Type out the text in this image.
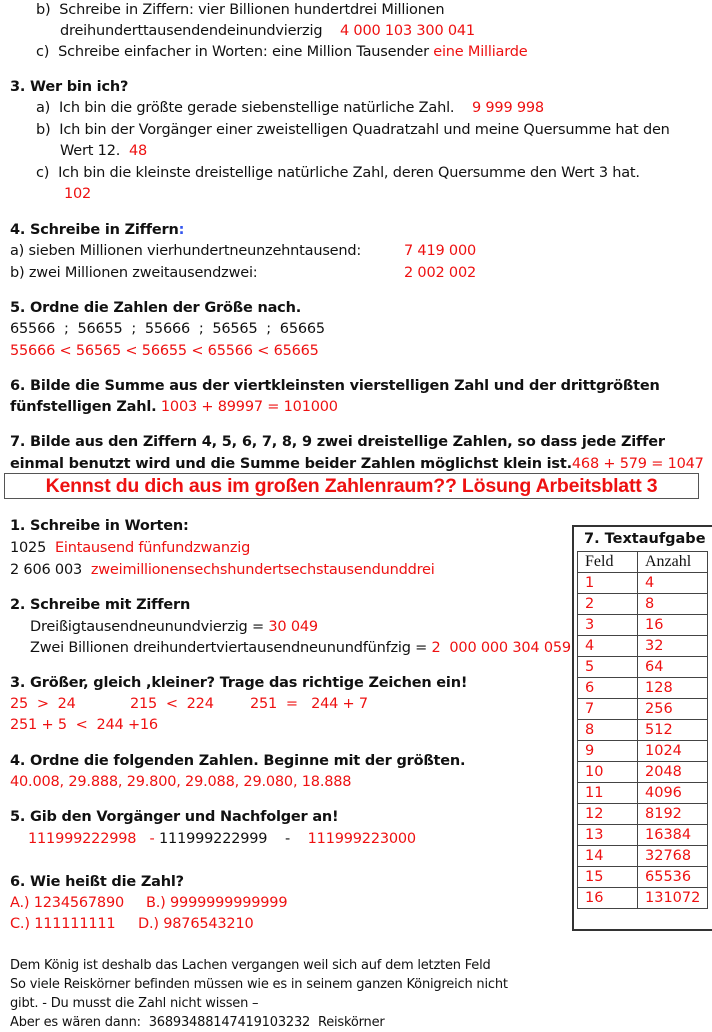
b) Schreibe in Ziffern: vier Billionen hundertdrei Millionen
dreihunderttausendendeinundvierzig 4 000 103 300 041
c) Schreibe einfacher in Worten: eine Million Tausender eine Milliarde
3. Wer bin ich?
a) Ich bin die größte gerade siebenstellige natürliche Zahl. 9 999 998
b) Ich bin der Vorgänger einer zweistelligen Quadratzahl und meine Quersumme hat den
Wert 12. 48
c) Ich bin die kleinste dreistellige natürliche Zahl, deren Quersumme den Wert 3 hat.
102
4. Schreibe in Ziffern:
a) sieben Millionen vierhundertneunzehntausend:	7 419 000
b) zwei Millionen zweitausendzwei:	2 002 002
5. Ordne die Zahlen der Größe nach.
65566  ;  56655  ;  55666  ;  56565  ;  65665
55666 < 56565 < 56655 < 65566 < 65665
6. Bilde die Summe aus der viertkleinsten vierstelligen Zahl und der drittgrößten
fünfstelligen Zahl. 1003 + 89997 = 101000
7. Bilde aus den Ziffern 4, 5, 6, 7, 8, 9 zwei dreistellige Zahlen, so dass jede Ziffer
einmal benutzt wird und die Summe beider Zahlen möglichst klein ist.468 + 579 = 1047
Kennst du dich aus im großen Zahlenraum?? Lösung Arbeitsblatt 3
1. Schreibe in Worten:
1025 Eintausend fünfundzwanzig
2 606 003 zweimillionensechshundertsechstausendunddrei
2. Schreibe mit Ziffern
Dreißigtausendneunundvierzig = 30 049
Zwei Billionen dreihundertviertausendneunundfünfzig = 2  000 000 304 059
3. Größer, gleich ,kleiner? Trage das richtige Zeichen ein!
25  >  24	215  <  224	251  =   244 + 7
251 + 5  <  244 +16
4. Ordne die folgenden Zahlen. Beginne mit der größten.
40.008, 29.888, 29.800, 29.088, 29.080, 18.888
5. Gib den Vorgänger und Nachfolger an!
111999222998 - 111999222999 - 111999223000
6. Wie heißt die Zahl?
A.) 1234567890 B.) 9999999999999
C.) 111111111 D.) 9876543210
7. Textaufgabe
Feld	Anzahl
1	4
2	8
3	16
4	32
5	64
6	128
7	256
8	512
9	1024
10	2048
11	4096
12	8192
13	16384
14	32768
15	65536
16	131072
Dem König ist deshalb das Lachen vergangen weil sich auf dem letzten Feld
So viele Reiskörner befinden müssen wie es in seinem ganzen Königreich nicht
gibt. - Du musst die Zahl nicht wissen –
Aber es wären dann:  36893488147419103232  Reiskörner
